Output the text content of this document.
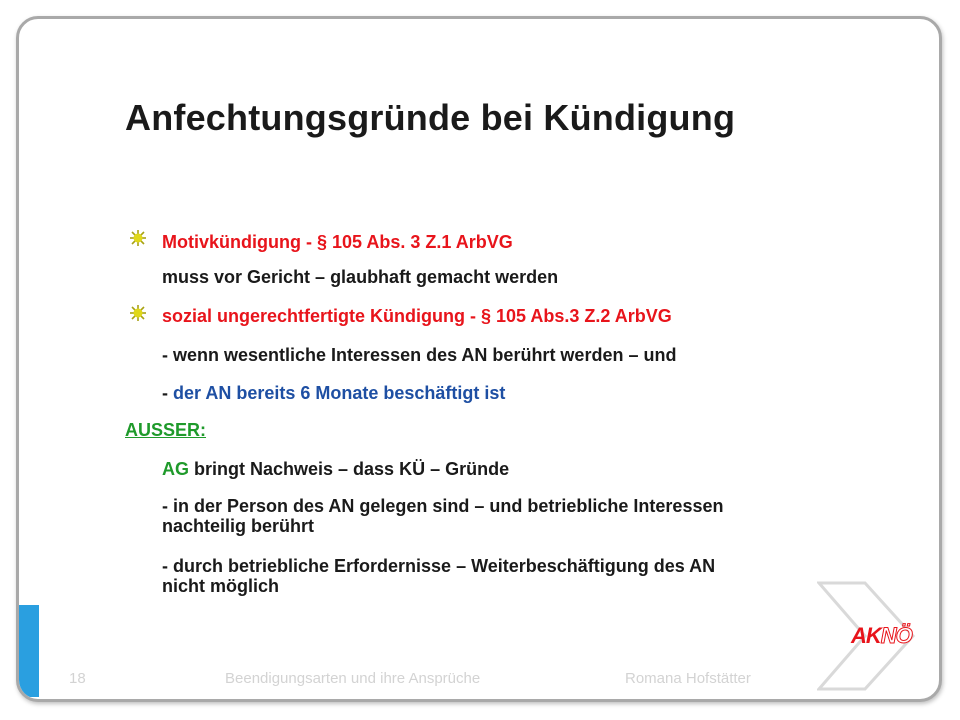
Anfechtungsgründe bei Kündigung

Motivkündigung - § 105 Abs. 3 Z.1 ArbVG

muss vor Gericht – glaubhaft gemacht werden

sozial ungerechtfertigte Kündigung - § 105 Abs.3 Z.2 ArbVG

- wenn wesentliche Interessen des AN berührt werden – und

- der AN bereits 6 Monate beschäftigt ist

AUSSER:

AG bringt Nachweis – dass KÜ – Gründe

- in der Person des AN gelegen sind – und betriebliche Interessen

nachteilig berührt

- durch betriebliche Erfordernisse – Weiterbeschäftigung des AN

nicht möglich

AKNÖ
18	Beendigungsarten und ihre Ansprüche	Romana Hofstätter
